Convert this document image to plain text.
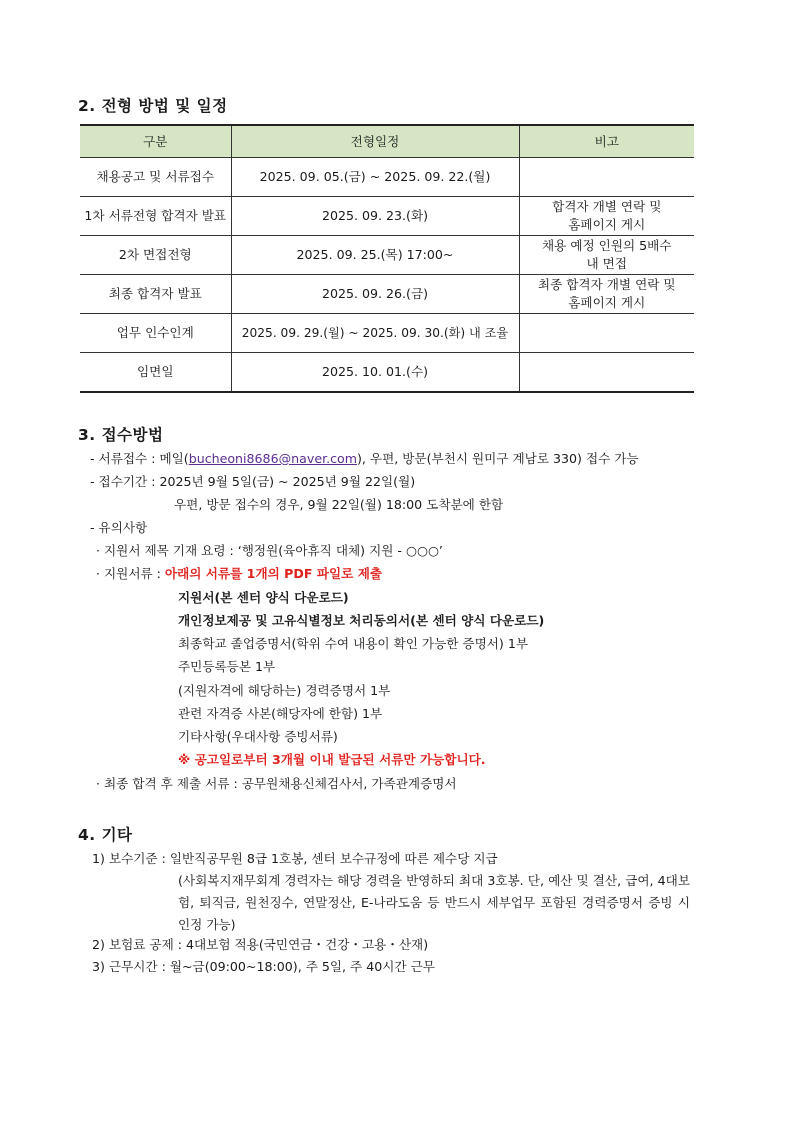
2. 전형 방법 및 일정
구분	전형일정	비고
채용공고 및 서류접수	2025. 09. 05.(금) ~ 2025. 09. 22.(월)	

1차 서류전형 합격자 발표	2025. 09. 23.(화)	합격자 개별 연락 및
홈페이지 게시

2차 면접전형	2025. 09. 25.(목) 17:00~	채용 예정 인원의 5배수
내 면접

최종 합격자 발표	2025. 09. 26.(금)	최종 합격자 개별 연락 및
홈페이지 게시

업무 인수인계	2025. 09. 29.(월) ~ 2025. 09. 30.(화) 내 조율	

임면일	2025. 10. 01.(수)	
3. 접수방법
- 서류접수 : 메일(bucheoni8686@naver.com), 우편, 방문(부천시 원미구 계남로 330) 접수 가능
- 접수기간 : 2025년 9월 5일(금) ~ 2025년 9월 22일(월)
우편, 방문 접수의 경우, 9월 22일(월) 18:00 도착분에 한함
- 유의사항
· 지원서 제목 기재 요령 : ‘행정원(육아휴직 대체) 지원 - ○○○’
· 지원서류 : 아래의 서류를 1개의 PDF 파일로 제출
지원서(본 센터 양식 다운로드)
개인정보제공 및 고유식별정보 처리동의서(본 센터 양식 다운로드)
최종학교 졸업증명서(학위 수여 내용이 확인 가능한 증명서) 1부
주민등록등본 1부
(지원자격에 해당하는) 경력증명서 1부
관련 자격증 사본(해당자에 한함) 1부
기타사항(우대사항 증빙서류)
※ 공고일로부터 3개월 이내 발급된 서류만 가능합니다.
· 최종 합격 후 제출 서류 : 공무원채용신체검사서, 가족관계증명서
4. 기타
1) 보수기준 : 일반직공무원 8급 1호봉, 센터 보수규정에 따른 제수당 지급
(사회복지재무회계 경력자는 해당 경력을 반영하되 최대 3호봉. 단, 예산 및 결산, 급여, 4대보험, 퇴직금, 원천징수, 연말정산, E-나라도움 등 반드시 세부업무 포함된 경력증명서 증빙 시 인정 가능)
2) 보험료 공제 : 4대보험 적용(국민연금・건강・고용・산재)
3) 근무시간 : 월~금(09:00~18:00), 주 5일, 주 40시간 근무
